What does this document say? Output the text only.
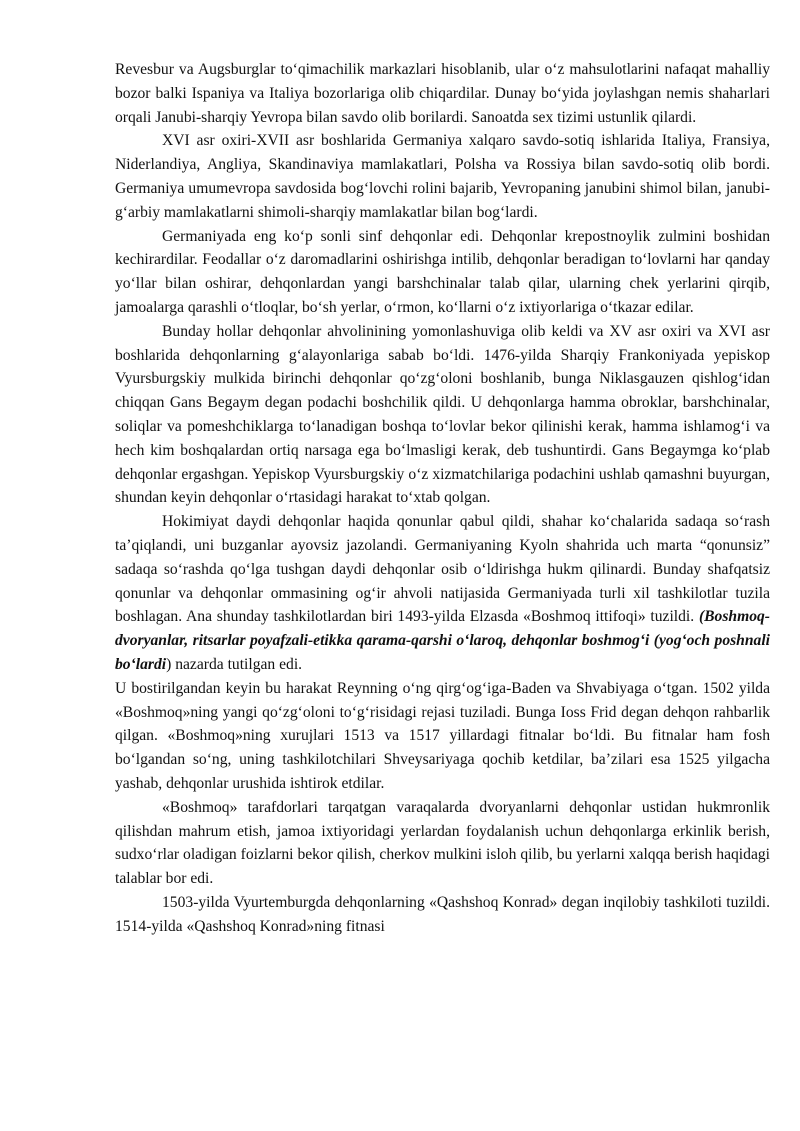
Revesbur va Augsburglar to‘qimachilik markazlari hisoblanib, ular o‘z mahsulotlarini nafaqat mahalliy bozor balki Ispaniya va Italiya bozorlariga olib chiqardilar. Dunay bo‘yida joylashgan nemis shaharlari orqali Janubi-sharqiy Yevropa bilan savdo olib borilardi. Sanoatda sex tizimi ustunlik qilardi.

XVI asr oxiri-XVII asr boshlarida Germaniya xalqaro savdo-sotiq ishlarida Italiya, Fransiya, Niderlandiya, Angliya, Skandinaviya mamlakatlari, Polsha va Rossiya bilan savdo-sotiq olib bordi. Germaniya umumevropa savdosida bog‘lovchi rolini bajarib, Yevropaning janubini shimol bilan, janubi-g‘arbiy mamlakatlarni shimoli-sharqiy mamlakatlar bilan bog‘lardi.

Germaniyada eng ko‘p sonli sinf dehqonlar edi. Dehqonlar krepostnoylik zulmini boshidan kechirardilar. Feodallar o‘z daromadlarini oshirishga intilib, dehqonlar beradigan to‘lovlarni har qanday yo‘llar bilan oshirar, dehqonlardan yangi barshchinalar talab qilar, ularning chek yerlarini qirqib, jamoalarga qarashli o‘tloqlar, bo‘sh yerlar, o‘rmon, ko‘llarni o‘z ixtiyorlariga o‘tkazar edilar.

Bunday hollar dehqonlar ahvolinining yomonlashuviga olib keldi va XV asr oxiri va XVI asr boshlarida dehqonlarning g‘alayonlariga sabab bo‘ldi. 1476-yilda Sharqiy Frankoniyada yepiskop Vyursburgskiy mulkida birinchi dehqonlar qo‘zg‘oloni boshlanib, bunga Niklasgauzen qishlog‘idan chiqqan Gans Begaym degan podachi boshchilik qildi. U dehqonlarga hamma obroklar, barshchinalar, soliqlar va pomeshchiklarga to‘lanadigan boshqa to‘lovlar bekor qilinishi kerak, hamma ishlamog‘i va hech kim boshqalardan ortiq narsaga ega bo‘lmasligi kerak, deb tushuntirdi. Gans Begaymga ko‘plab dehqonlar ergashgan. Yepiskop Vyursburgskiy o‘z xizmatchilariga podachini ushlab qamashni buyurgan, shundan keyin dehqonlar o‘rtasidagi harakat to‘xtab qolgan.

Hokimiyat daydi dehqonlar haqida qonunlar qabul qildi, shahar ko‘chalarida sadaqa so‘rash ta’qiqlandi, uni buzganlar ayovsiz jazolandi. Germaniyaning Kyoln shahrida uch marta “qonunsiz” sadaqa so‘rashda qo‘lga tushgan daydi dehqonlar osib o‘ldirishga hukm qilinardi. Bunday shafqatsiz qonunlar va dehqonlar ommasining og‘ir ahvoli natijasida Germaniyada turli xil tashkilotlar tuzila boshlagan. Ana shunday tashkilotlardan biri 1493-yilda Elzasda «Boshmoq ittifoqi» tuzildi. (Boshmoq-dvoryanlar, ritsarlar poyafzali-etikka qarama-qarshi o‘laroq, dehqonlar boshmog‘i (yog‘och poshnali bo‘lardi) nazarda tutilgan edi.

U bostirilgandan keyin bu harakat Reynning o‘ng qirg‘og‘iga-Baden va Shvabiyaga o‘tgan. 1502 yilda «Boshmoq»ning yangi qo‘zg‘oloni to‘g‘risidagi rejasi tuziladi. Bunga Ioss Frid degan dehqon rahbarlik qilgan. «Boshmoq»ning xurujlari 1513 va 1517 yillardagi fitnalar bo‘ldi. Bu fitnalar ham fosh bo‘lgandan so‘ng, uning tashkilotchilari Shveysariyaga qochib ketdilar, ba’zilari esa 1525 yilgacha yashab, dehqonlar urushida ishtirok etdilar.

«Boshmoq» tarafdorlari tarqatgan varaqalarda dvoryanlarni dehqonlar ustidan hukmronlik qilishdan mahrum etish, jamoa ixtiyoridagi yerlardan foydalanish uchun dehqonlarga erkinlik berish, sudxo‘rlar oladigan foizlarni bekor qilish, cherkov mulkini isloh qilib, bu yerlarni xalqqa berish haqidagi talablar bor edi.

1503-yilda Vyurtemburgda dehqonlarning «Qashshoq Konrad» degan inqilobiy tashkiloti tuzildi. 1514-yilda «Qashshoq Konrad»ning fitnasi
